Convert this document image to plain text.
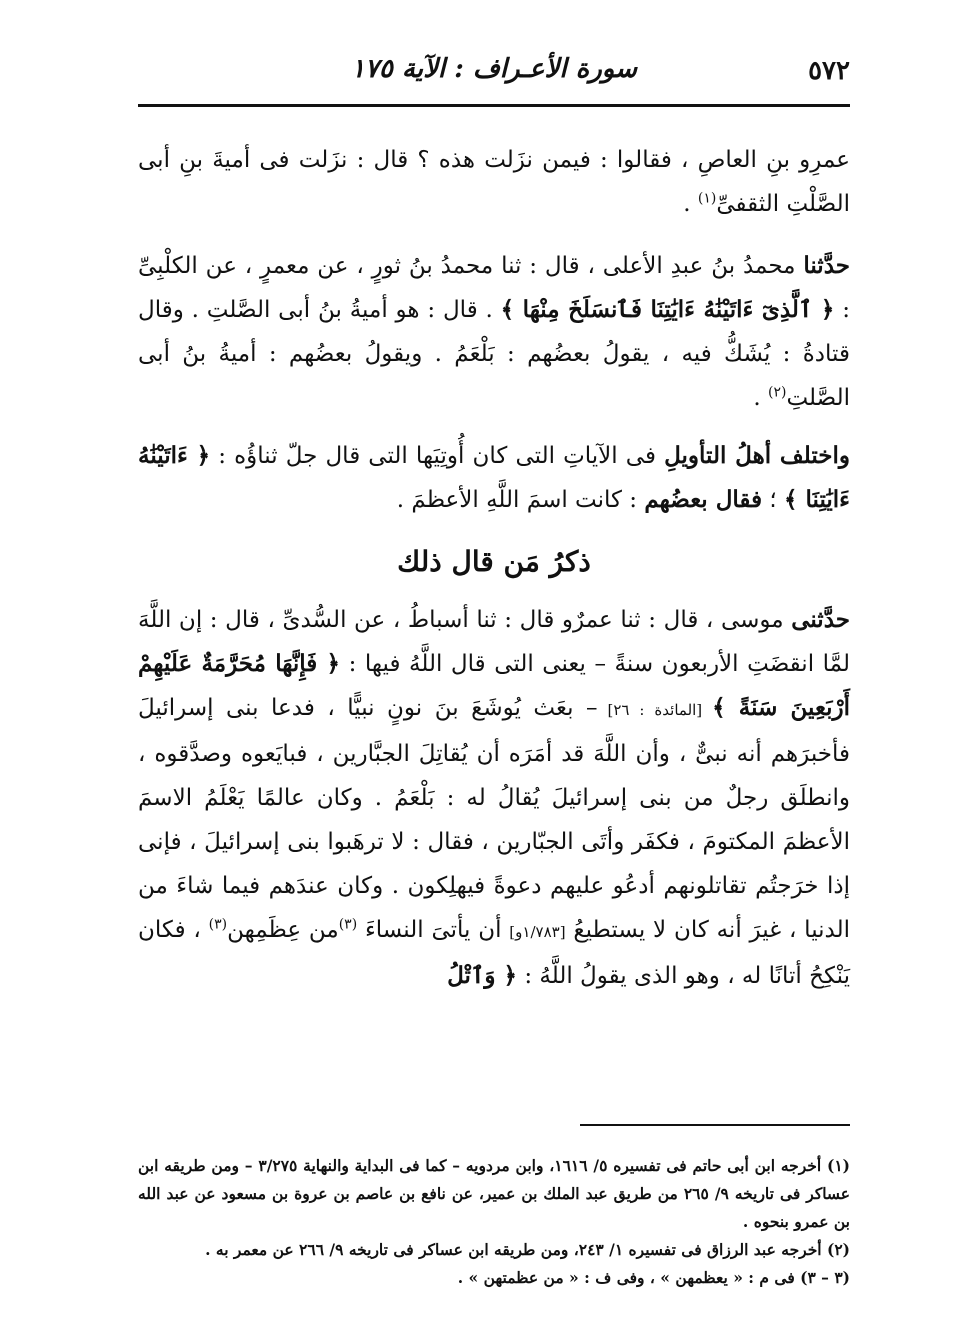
٥٧٢
سورة الأعـراف : الآية ١٧٥

عمرِو بنِ العاصِ ، فقالوا : فيمن نزَلت هذه ؟ قال : نزَلت فى أميةَ بنِ أبى الصَّلْتِ الثقفىِّ$^{(١)}$ .

حدَّثنا محمدُ بنُ عبدِ الأعلى ، قال : ثنا محمدُ بنُ ثورٍ ، عن معمرٍ ، عن الكلْبِىِّ : ﴿ ٱلَّذِىٓ ءَاتَيْنَٰهُ ءَايَٰتِنَا فَٱنسَلَخَ مِنْهَا ﴾ . قال : هو أميةُ بنُ أبى الصَّلتِ . وقال قتادةُ : يُشَكُّ فيه ، يقولُ بعضُهم : بَلْعَمُ . ويقولُ بعضُهم : أميةُ بنُ أبى الصَّلتِ$^{(٢)}$ .

واختلف أهلُ التأويلِ فى الآياتِ التى كان أُوتِيَها التى قال جلّ ثناؤُه : ﴿ ءَاتَيْنَٰهُ ءَايَٰتِنَا ﴾ ؛ فقال بعضُهم : كانت اسمَ اللَّهِ الأعظمَ .

ذكرُ مَن قال ذلك

حدَّثنى موسى ، قال : ثنا عمرٌو قال : ثنا أسباطُ ، عن السُّدىِّ ، قال : إن اللَّهَ لمَّا انقضَتِ الأربعون سنةً – يعنى التى قال اللَّهُ فيها : ﴿ فَإِنَّهَا مُحَرَّمَةٌ عَلَيْهِمْ أَرْبَعِينَ سَنَةً ﴾ [المائدة : ٢٦] – بعَث يُوشَعَ بنَ نونٍ نبيًّا ، فدعا بنى إسرائيلَ فأخبرَهم أنه نبىٌّ ، وأن اللَّهَ قد أمَرَه أن يُقاتِلَ الجبَّارين ، فبايَعوه وصدَّقوه ، وانطلَق رجلٌ من بنى إسرائيلَ يُقالُ له : بَلْعَمُ . وكان عالمًا يَعْلَمُ الاسمَ الأعظمَ المكتومَ ، فكفَر وأتَى الجبّارين ، فقال : لا ترهَبوا بنى إسرائيلَ ، فإنى إذا خرَجتُم تقاتلونهم أدعُو عليهم دعوةً فيهلِكون . وكان عندَهم فيما شاءَ من الدنيا ، غيرَ أنه كان لا يستطيعُ [١/٧٨٣و] أن يأتىَ النساءَ $^{(٣)}$من عِظَمِهن$^{(٣)}$ ، فكان يَنْكِحُ أتانًا له ، وهو الذى يقولُ اللَّهُ : ﴿ وَٱتْلُ

(١) أخرجه ابن أبى حاتم فى تفسيره ٥/ ١٦١٦، وابن مردويه – كما فى البداية والنهاية ٣/٢٧٥ – ومن طريقه ابن عساكر فى تاريخه ٩/ ٢٦٥ من طريق عبد الملك بن عمير، عن نافع بن عاصم بن عروة بن مسعود عن عبد الله بن عمرو بنحوه .

(٢) أخرجه عبد الرزاق فى تفسيره ١/ ٢٤٣، ومن طريقه ابن عساكر فى تاريخه ٩/ ٢٦٦ عن معمر به .

(٣ – ٣) فى م : « يعظمهن » ، وفى ف : « من عظمتهن » .
